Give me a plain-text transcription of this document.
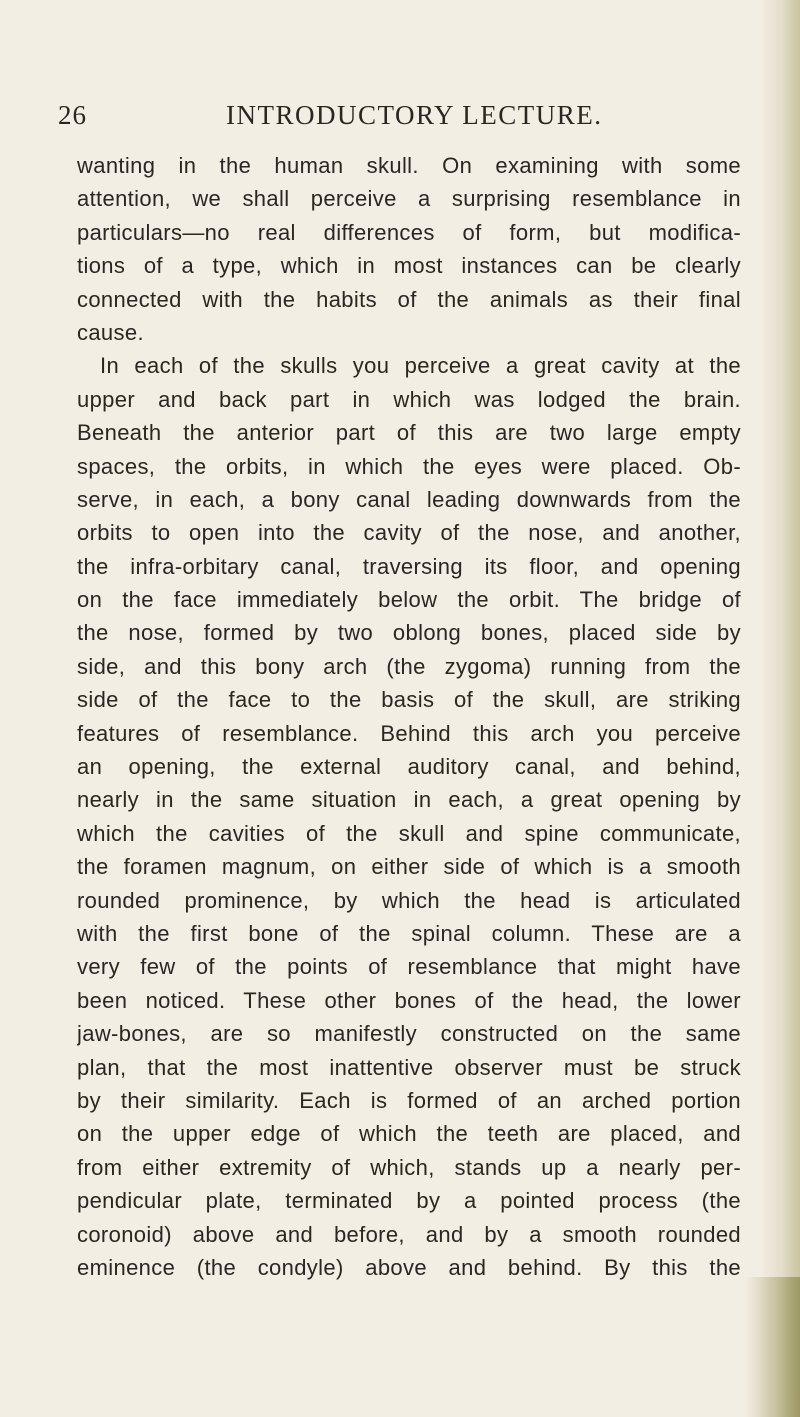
26	INTRODUCTORY LECTURE.
wanting in the human skull. On examining with some
attention, we shall perceive a surprising resemblance in
particulars—no real differences of form, but modifica-
tions of a type, which in most instances can be clearly
connected with the habits of the animals as their final
cause.
In each of the skulls you perceive a great cavity at the
upper and back part in which was lodged the brain.
Beneath the anterior part of this are two large empty
spaces, the orbits, in which the eyes were placed. Ob-
serve, in each, a bony canal leading downwards from the
orbits to open into the cavity of the nose, and another,
the infra-orbitary canal, traversing its floor, and opening
on the face immediately below the orbit. The bridge of
the nose, formed by two oblong bones, placed side by
side, and this bony arch (the zygoma) running from the
side of the face to the basis of the skull, are striking
features of resemblance. Behind this arch you perceive
an opening, the external auditory canal, and behind,
nearly in the same situation in each, a great opening by
which the cavities of the skull and spine communicate,
the foramen magnum, on either side of which is a smooth
rounded prominence, by which the head is articulated
with the first bone of the spinal column. These are a
very few of the points of resemblance that might have
been noticed. These other bones of the head, the lower
jaw-bones, are so manifestly constructed on the same
plan, that the most inattentive observer must be struck
by their similarity. Each is formed of an arched portion
on the upper edge of which the teeth are placed, and
from either extremity of which, stands up a nearly per-
pendicular plate, terminated by a pointed process (the
coronoid) above and before, and by a smooth rounded
eminence (the condyle) above and behind. By this the
